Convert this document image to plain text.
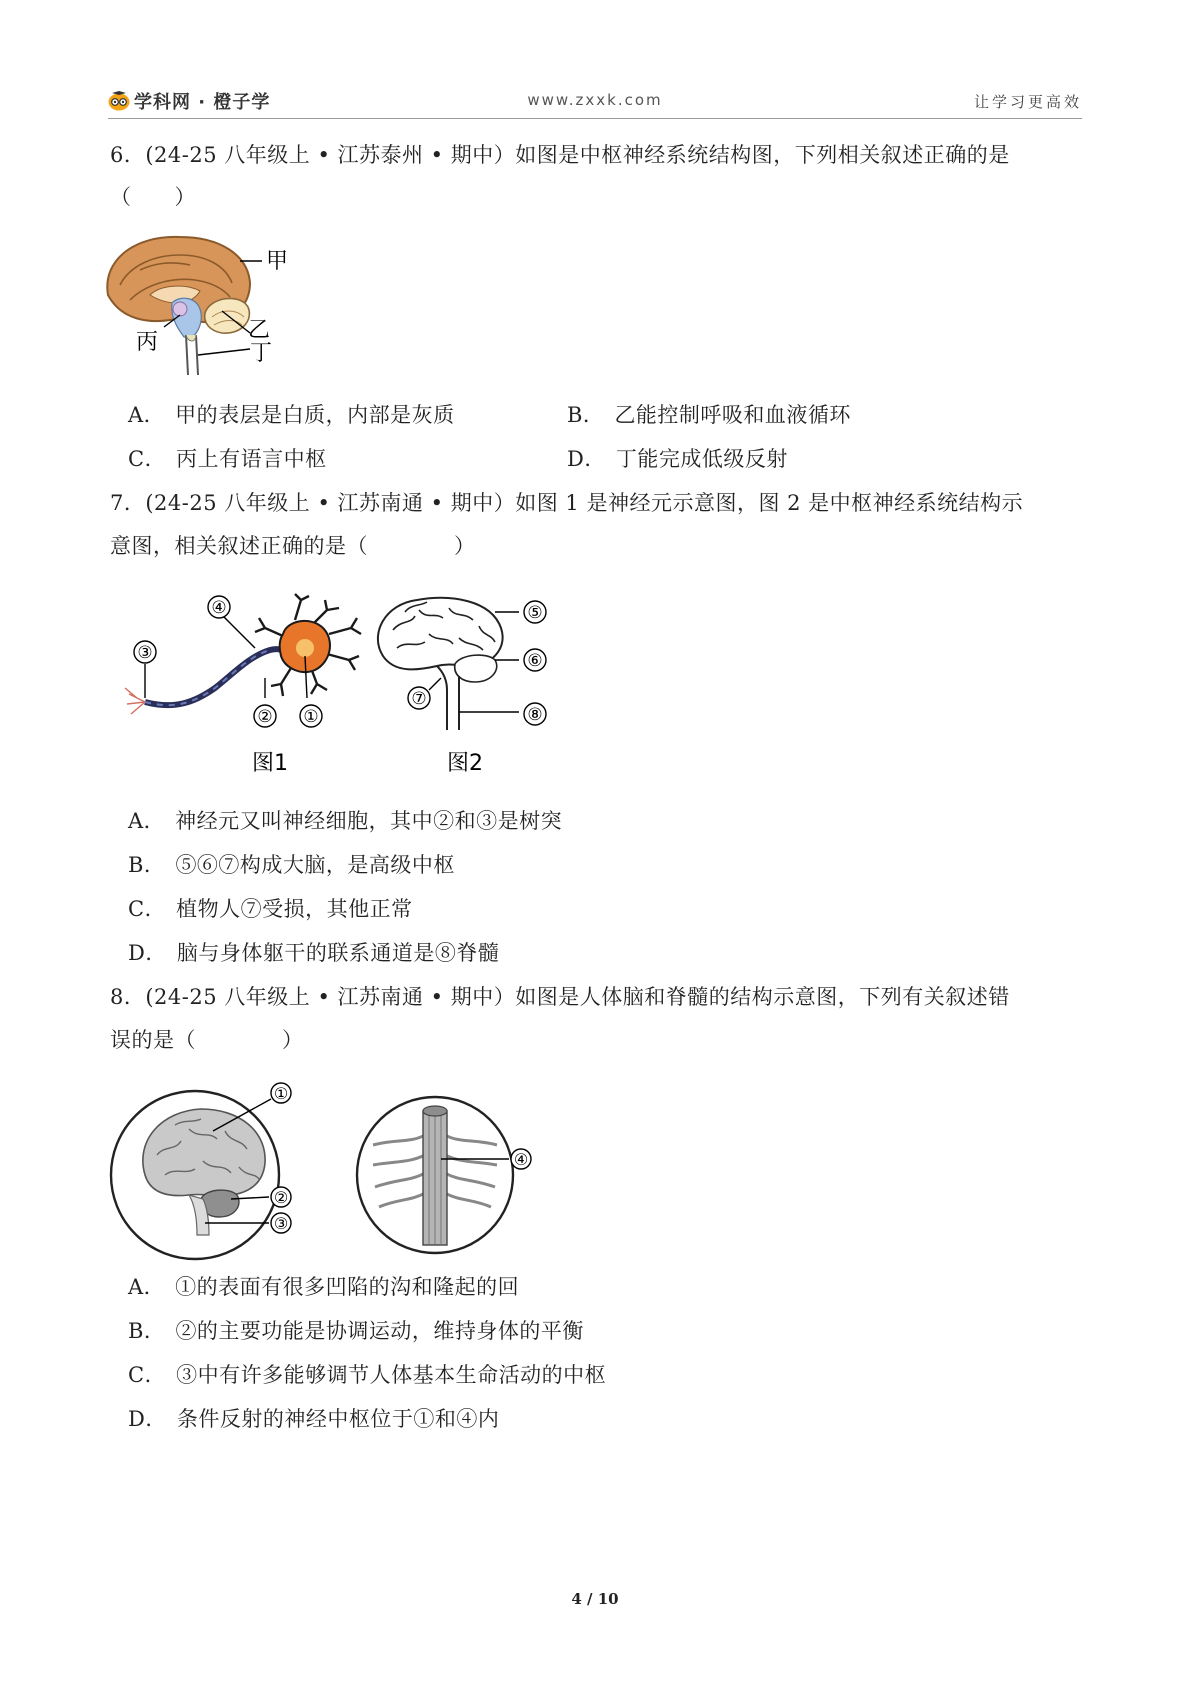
学科网 · 橙子学	www.zxxk.com	让学习更高效
6．(24-25 八年级上 • 江苏泰州 • 期中）如图是中枢神经系统结构图，下列相关叙述正确的是
（　　）
甲
乙
丁
丙
A． 甲的表层是白质，内部是灰质	B． 乙能控制呼吸和血液循环
C． 丙上有语言中枢	D． 丁能完成低级反射
7．(24-25 八年级上 • 江苏南通 • 期中）如图 1 是神经元示意图，图 2 是中枢神经系统结构示
意图，相关叙述正确的是（　　　　）
④
③
② ①
图1
⑤
⑥
⑦
⑧
图2
A． 神经元又叫神经细胞，其中②和③是树突
B． ⑤⑥⑦构成大脑，是高级中枢
C． 植物人⑦受损，其他正常
D． 脑与身体躯干的联系通道是⑧脊髓
8．(24-25 八年级上 • 江苏南通 • 期中）如图是人体脑和脊髓的结构示意图，下列有关叙述错
误的是（　　　　）
①
②
③
④
A． ①的表面有很多凹陷的沟和隆起的回
B． ②的主要功能是协调运动，维持身体的平衡
C． ③中有许多能够调节人体基本生命活动的中枢
D． 条件反射的神经中枢位于①和④内
4 / 10
